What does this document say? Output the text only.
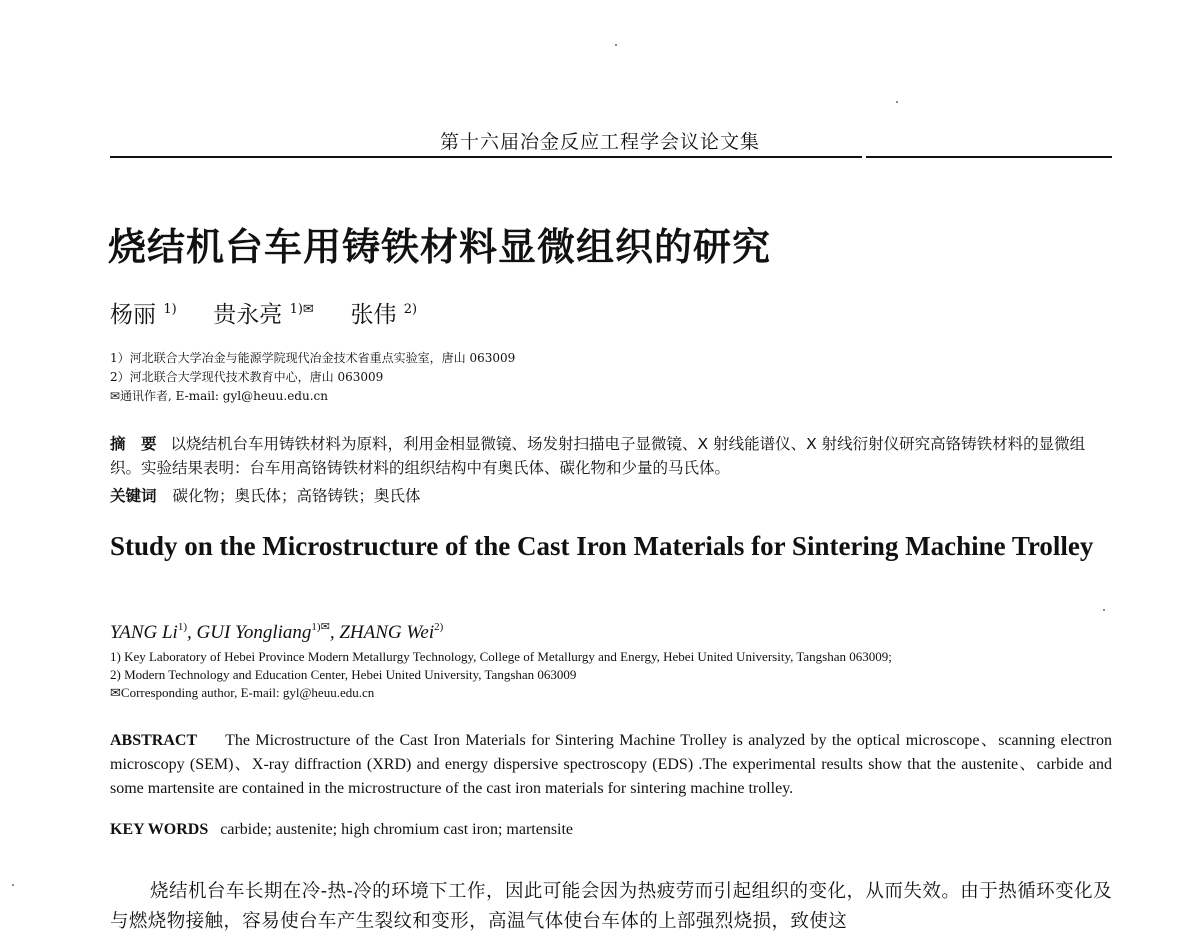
第十六届冶金反应工程学会议论文集
烧结机台车用铸铁材料显微组织的研究
杨丽 $^{1)}$ 贵永亮 $^{1)✉}$ 张伟 $^{2)}$
1）河北联合大学冶金与能源学院现代冶金技术省重点实验室，唐山 063009
2）河北联合大学现代技术教育中心，唐山 063009
✉通讯作者, E-mail: gyl@heuu.edu.cn
摘　要 以烧结机台车用铸铁材料为原料，利用金相显微镜、场发射扫描电子显微镜、X 射线能谱仪、X 射线衍射仪研究高铬铸铁材料的显微组织。实验结果表明：台车用高铬铸铁材料的组织结构中有奥氏体、碳化物和少量的马氏体。
关键词 碳化物；奥氏体；高铬铸铁；奥氏体
Study on the Microstructure of the Cast Iron Materials for Sintering Machine Trolley
YANG Li$^{1)}$, GUI Yongliang$^{1)✉}$, ZHANG Wei$^{2)}$
1) Key Laboratory of Hebei Province Modern Metallurgy Technology, College of Metallurgy and Energy, Hebei United University, Tangshan 063009;
2) Modern Technology and Education Center, Hebei United University, Tangshan 063009
✉Corresponding author, E-mail: gyl@heuu.edu.cn
ABSTRACT The Microstructure of the Cast Iron Materials for Sintering Machine Trolley is analyzed by the optical microscope、scanning electron microscopy (SEM)、X-ray diffraction (XRD) and energy dispersive spectroscopy (EDS) .The experimental results show that the austenite、carbide and some martensite are contained in the microstructure of the cast iron materials for sintering machine trolley.
KEY WORDS carbide; austenite; high chromium cast iron; martensite
烧结机台车长期在冷-热-冷的环境下工作，因此可能会因为热疲劳而引起组织的变化，从而失效。由于热循环变化及与燃烧物接触，容易使台车产生裂纹和变形，高温气体使台车体的上部强烈烧损，致使这
